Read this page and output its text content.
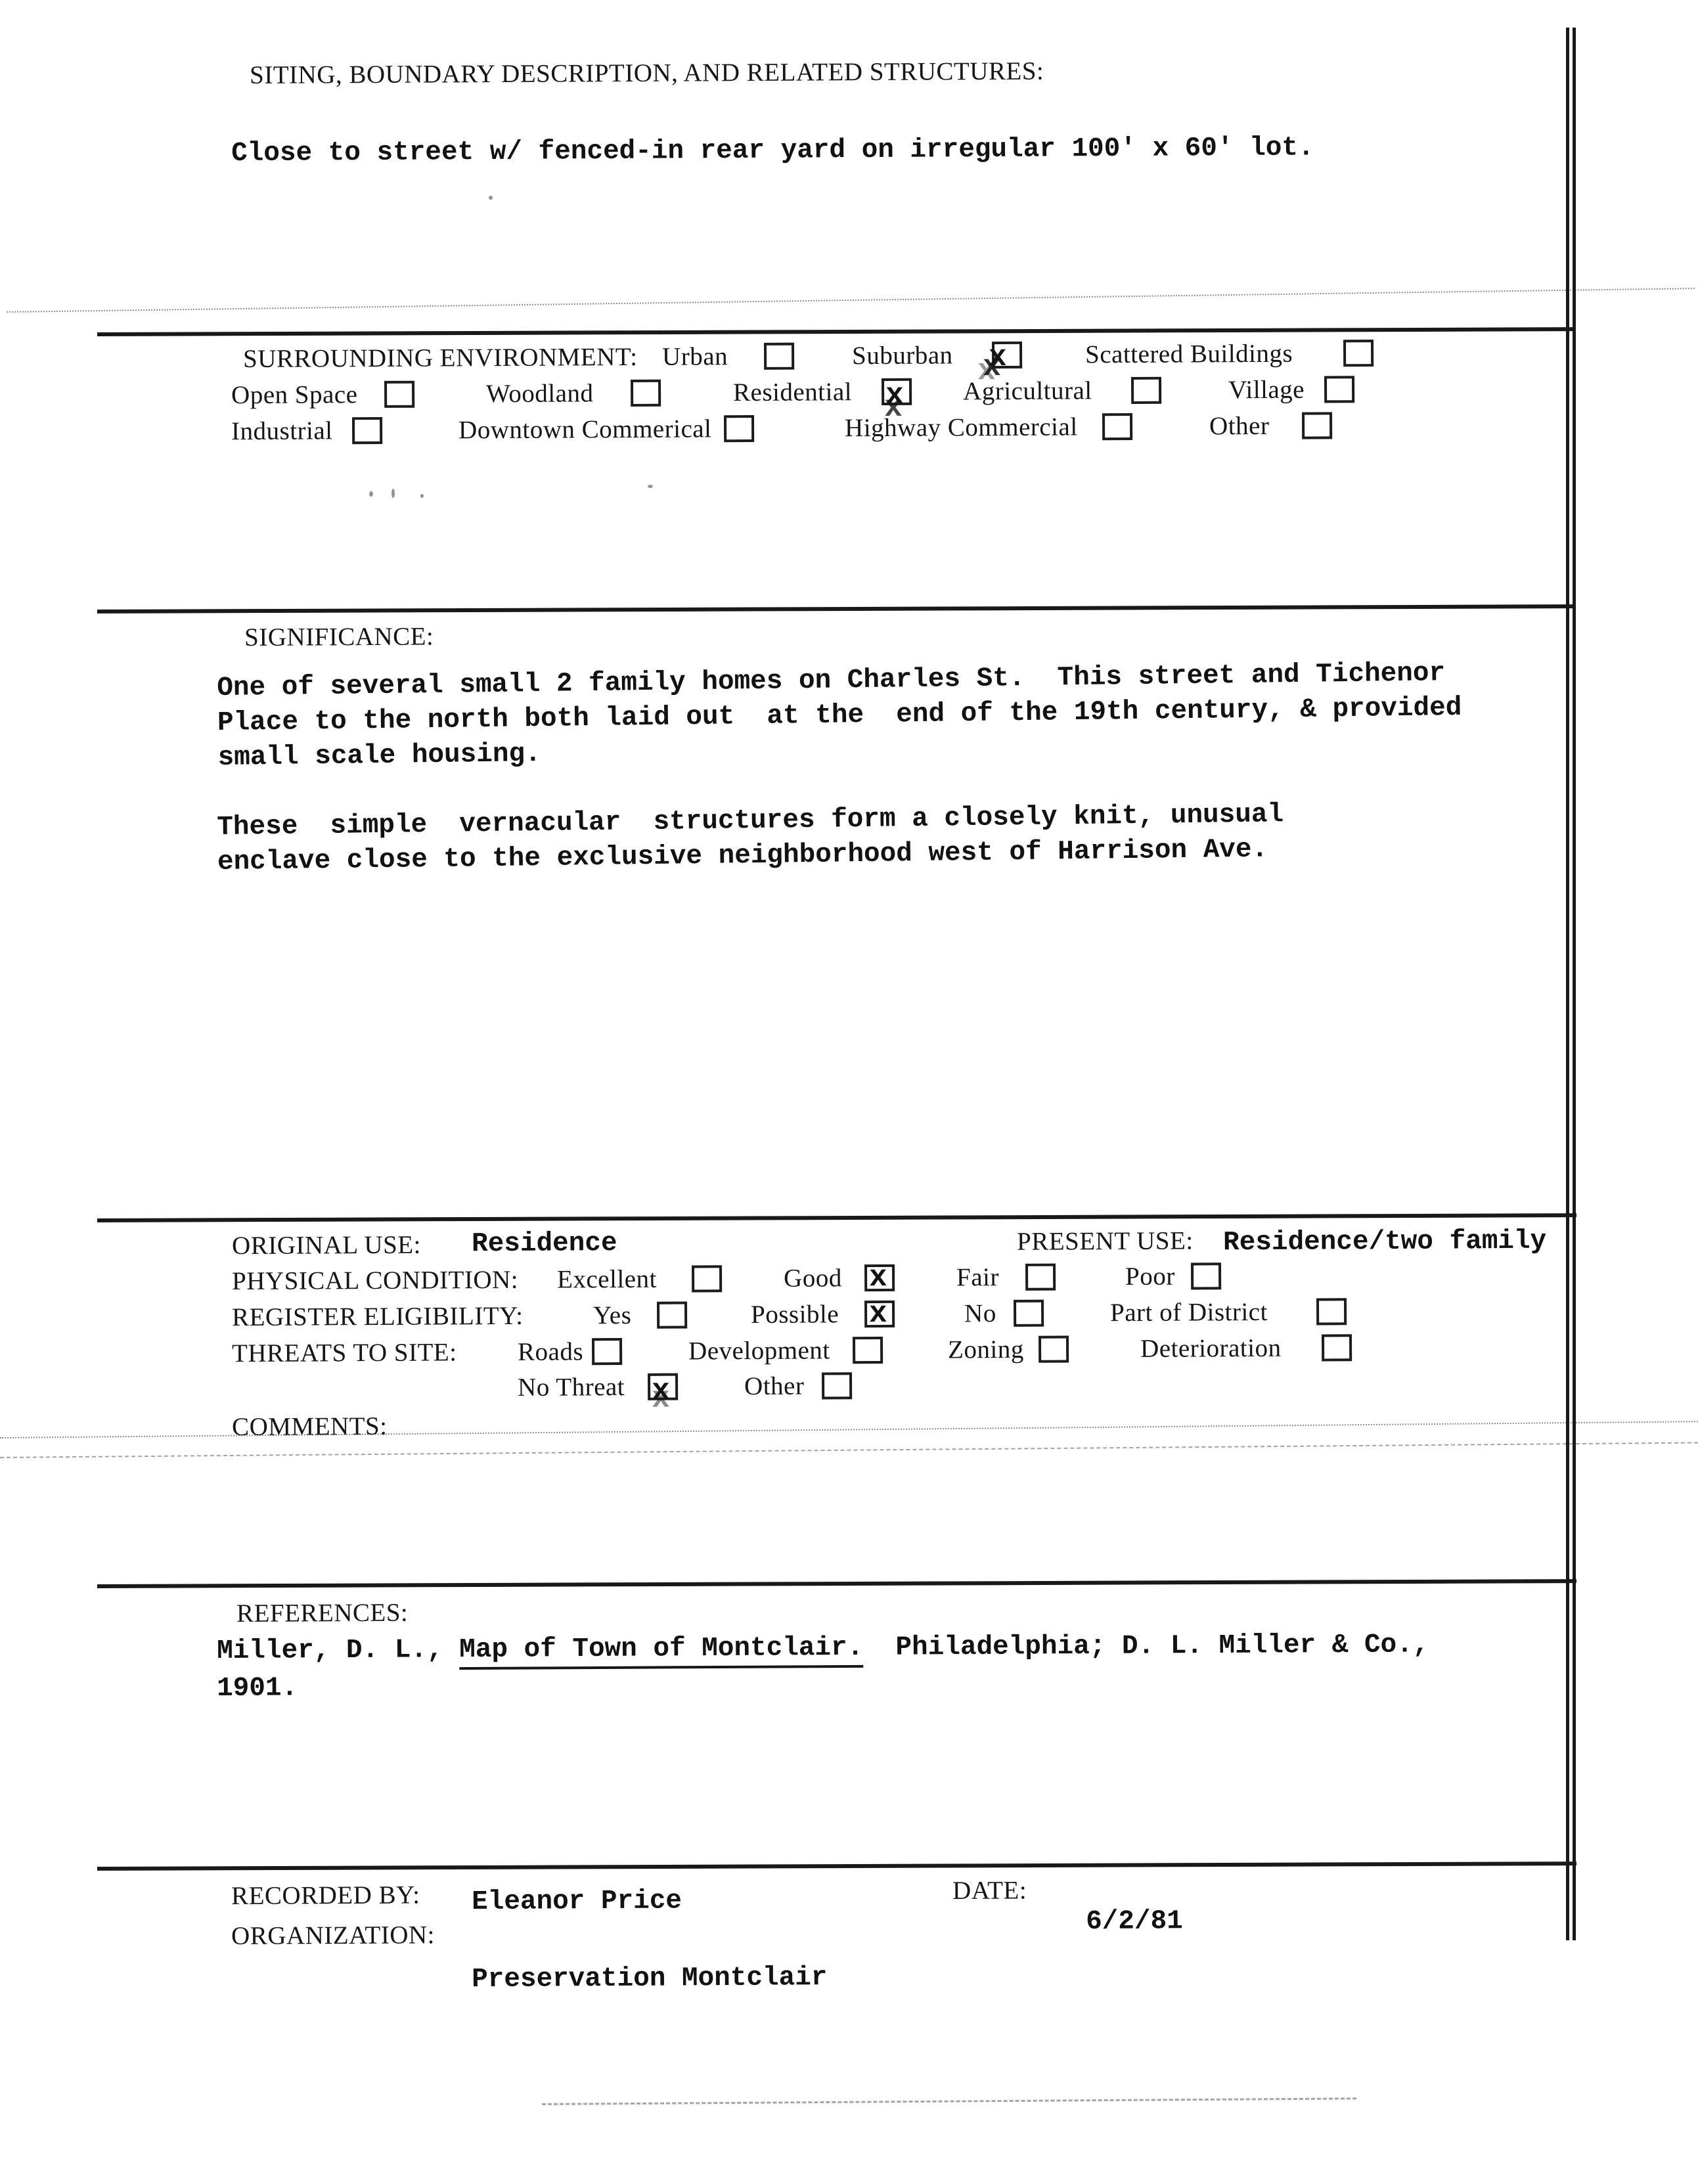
SITING, BOUNDARY DESCRIPTION, AND RELATED STRUCTURES:
Close to street w/ fenced-in rear yard on irregular 100' x 60' lot.
SURROUNDING ENVIRONMENT: Urban	Suburban x	Scattered Buildings
Open Space	Woodland	Residential x Agricultural	Village
Industrial	Downtown Commerical	Highway Commercial	Other
SIGNIFICANCE:
One of several small 2 family homes on Charles St.  This street and Tichenor
Place to the north both laid out  at the  end of the 19th century, & provided
small scale housing.
These  simple  vernacular  structures form a closely knit, unusual
enclave close to the exclusive neighborhood west of Harrison Ave.
ORIGINAL USE: Residence	PRESENT USE: Residence/two family
PHYSICAL CONDITION: Excellent	Good x	Fair	Poor
REGISTER ELIGIBILITY:	Yes	Possible x	No	Part of District
THREATS TO SITE: Roads	Development	Zoning	Deterioration
No Threat x	Other
COMMENTS:
REFERENCES:
Miller, D. L., Map of Town of Montclair.  Philadelphia; D. L. Miller & Co.,
1901.
RECORDED BY: Eleanor Price	DATE:
6/2/81
ORGANIZATION:
Preservation Montclair
